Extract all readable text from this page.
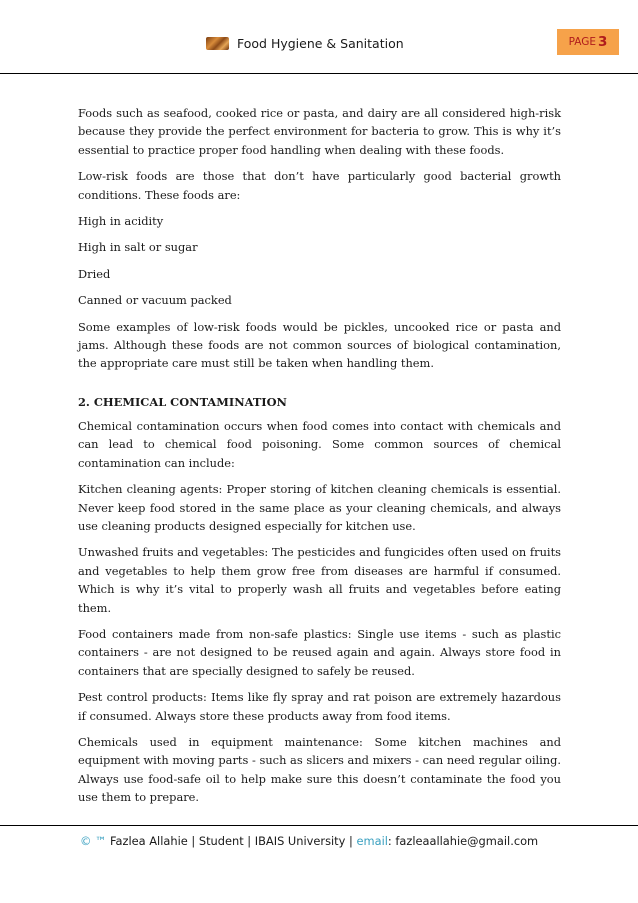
Food Hygiene & Sanitation	PAGE 3

Foods such as seafood, cooked rice or pasta, and dairy are all considered high-risk because they provide the perfect environment for bacteria to grow. This is why it’s essential to practice proper food handling when dealing with these foods.

Low-risk foods are those that don’t have particularly good bacterial growth conditions. These foods are:

High in acidity

High in salt or sugar

Dried

Canned or vacuum packed

Some examples of low-risk foods would be pickles, uncooked rice or pasta and jams. Although these foods are not common sources of biological contamination, the appropriate care must still be taken when handling them.

2. CHEMICAL CONTAMINATION

Chemical contamination occurs when food comes into contact with chemicals and can lead to chemical food poisoning. Some common sources of chemical contamination can include:

Kitchen cleaning agents: Proper storing of kitchen cleaning chemicals is essential. Never keep food stored in the same place as your cleaning chemicals, and always use cleaning products designed especially for kitchen use.

Unwashed fruits and vegetables: The pesticides and fungicides often used on fruits and vegetables to help them grow free from diseases are harmful if consumed. Which is why it’s vital to properly wash all fruits and vegetables before eating them.

Food containers made from non-safe plastics: Single use items - such as plastic containers - are not designed to be reused again and again. Always store food in containers that are specially designed to safely be reused.

Pest control products: Items like fly spray and rat poison are extremely hazardous if consumed. Always store these products away from food items.

Chemicals used in equipment maintenance: Some kitchen machines and equipment with moving parts - such as slicers and mixers - can need regular oiling. Always use food-safe oil to help make sure this doesn’t contaminate the food you use them to prepare.

© ™ Fazlea Allahie | Student | IBAIS University | email: fazleaallahie@gmail.com
